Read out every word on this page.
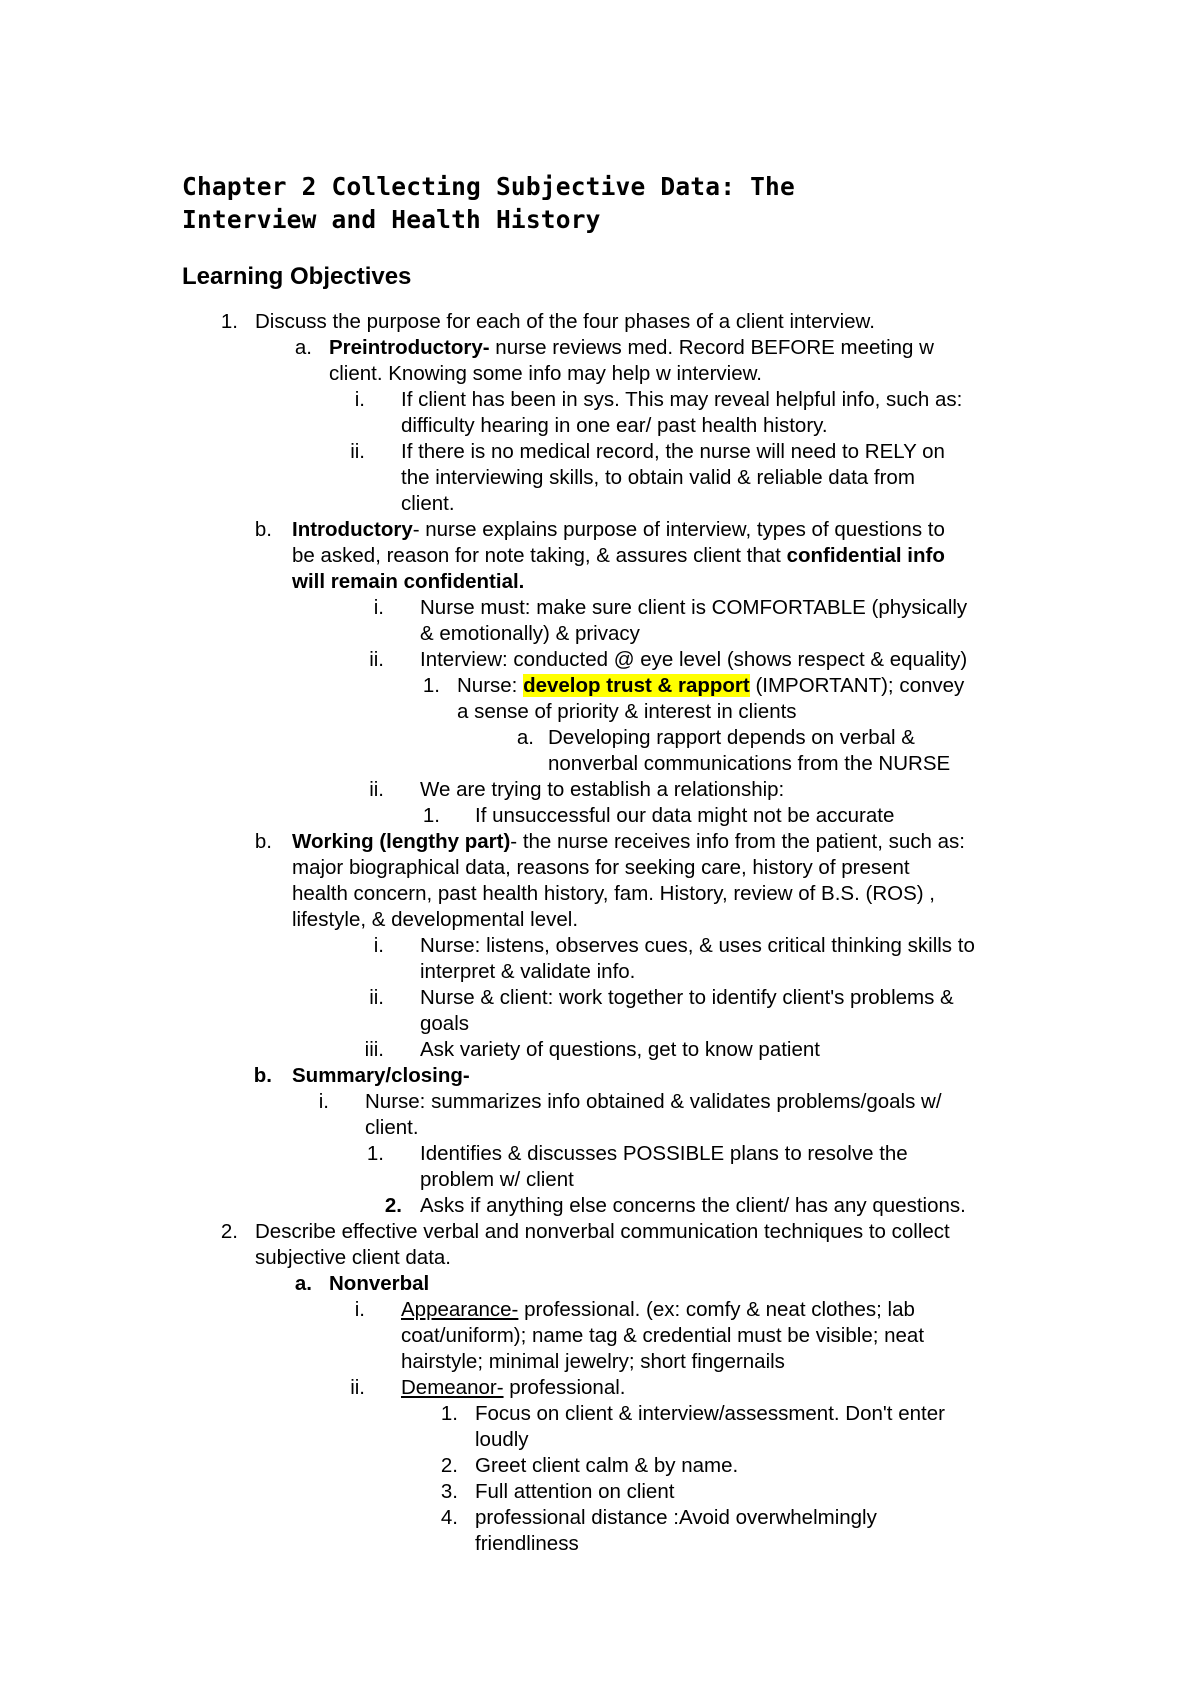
Chapter 2 Collecting Subjective Data: The
Interview and Health History
Learning Objectives
1. Discuss the purpose for each of the four phases of a client interview.
a. Preintroductory- nurse reviews med. Record BEFORE meeting w
client. Knowing some info may help w interview.
i. If client has been in sys. This may reveal helpful info, such as:
difficulty hearing in one ear/ past health history.
ii. If there is no medical record, the nurse will need to RELY on
the interviewing skills, to obtain valid & reliable data from
client.
b. Introductory- nurse explains purpose of interview, types of questions to
be asked, reason for note taking, & assures client that confidential info
will remain confidential.
i. Nurse must: make sure client is COMFORTABLE (physically
& emotionally) & privacy
ii. Interview: conducted @ eye level (shows respect & equality)
1. Nurse: develop trust & rapport (IMPORTANT); convey
a sense of priority & interest in clients
a. Developing rapport depends on verbal &
nonverbal communications from the NURSE
ii. We are trying to establish a relationship:
1. If unsuccessful our data might not be accurate
b. Working (lengthy part)- the nurse receives info from the patient, such as:
major biographical data, reasons for seeking care, history of present
health concern, past health history, fam. History, review of B.S. (ROS) ,
lifestyle, & developmental level.
i. Nurse: listens, observes cues, & uses critical thinking skills to
interpret & validate info.
ii. Nurse & client: work together to identify client's problems &
goals
iii. Ask variety of questions, get to know patient
b. Summary/closing-
i. Nurse: summarizes info obtained & validates problems/goals w/
client.
1. Identifies & discusses POSSIBLE plans to resolve the
problem w/ client
2. Asks if anything else concerns the client/ has any questions.
2. Describe effective verbal and nonverbal communication techniques to collect
subjective client data.
a. Nonverbal
i. Appearance- professional. (ex: comfy & neat clothes; lab
coat/uniform); name tag & credential must be visible; neat
hairstyle; minimal jewelry; short fingernails
ii. Demeanor- professional.
1. Focus on client & interview/assessment. Don't enter
loudly
2. Greet client calm & by name.
3. Full attention on client
4. professional distance :Avoid overwhelmingly
friendliness
